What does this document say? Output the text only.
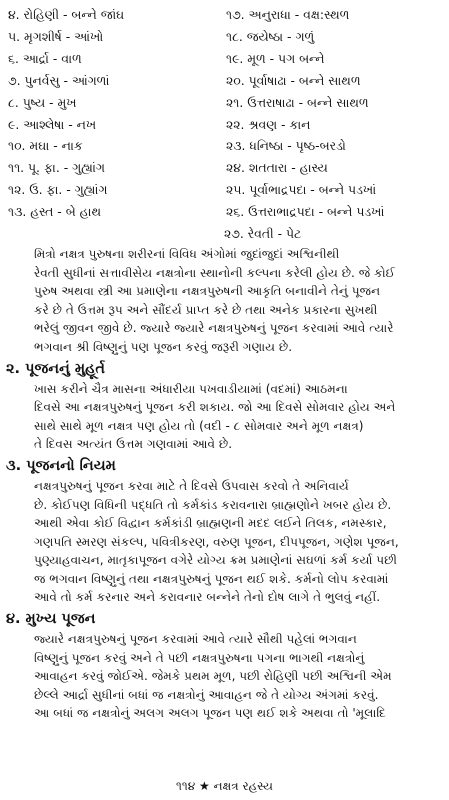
૪. રોહિણી - બન્ને જાંઘ
૫. મૃગશીર્ષ - આંખો
૬. આર્દ્રા - વાળ
૭. પુનર્વસુ - આંગળાં
૮. પુષ્ય - મુખ
૯. આશ્લેષા - નખ
૧૦. મઘા - નાક
૧૧. પૂ. ફા. - ગુહ્યાંગ
૧૨. ઉ. ફા. - ગુહ્યાંગ
૧૩. હસ્ત - બે હાથ
૧૭. અનુરાધા - વક્ષ:સ્થળ
૧૮. જયેષ્ઠા - ગળું
૧૯. મૂળ - પગ બન્ને
૨૦. પૂર્વાષાઢા - બન્ને સાથળ
૨૧. ઉત્તરાષાઢા - બન્ને સાથળ
૨૨. શ્રવણ - કાન
૨૩. ધનિષ્ઠા - પૃષ્ઠ-બરડો
૨૪. શતતારા - હાસ્ય
૨૫. પૂર્વાભાદ્રપદા - બન્ને પડખાં
૨૬. ઉત્તરાભાદ્રપદા - બન્ને પડખાં
૨૭. રેવતી - પેટ
મિત્રો નક્ષત્ર પુરુષના શરીરનાં વિવિધ અંગોમાં જુદાંજુદાં અશ્વિનીથી
રેવતી સુધીનાં સત્તાવીસેય નક્ષત્રોના સ્થાનોની કલ્પના કરેલી હોય છે. જે કોઈ
પુરુષ અથવા સ્ત્રી આ પ્રમાણેના નક્ષત્રપુરુષની આકૃતિ બનાવીને તેનું પૂજન
કરે છે તે ઉત્તમ રૂપ અને સૌંદર્ય પ્રાપ્ત કરે છે તથા અનેક પ્રકારના સુખથી
ભરેલું જીવન જીવે છે. જ્યારે જ્યારે નક્ષત્રપુરુષનું પૂજન કરવામાં આવે ત્યારે
ભગવાન શ્રી વિષ્ણુનું પણ પૂજન કરવું જરૂરી ગણાય છે.
૨. પૂજનનું મુહૂર્ત
ખાસ કરીને ચૈત્ર માસના અંધારીયા પખવાડીયામાં (વદમાં) આઠમના
દિવસે આ નક્ષત્રપુરુષનું પૂજન કરી શકાય. જો આ દિવસે સોમવાર હોય અને
સાથે સાથે મૂળ નક્ષત્ર પણ હોય તો (વદી - ૮ સોમવાર અને મૂળ નક્ષત્ર)
તે દિવસ અત્યંત ઉત્તમ ગણવામાં આવે છે.
૩. પૂજનનો નિયમ
નક્ષત્રપુરુષનું પૂજન કરવા માટે તે દિવસે ઉપવાસ કરવો તે અનિવાર્ય
છે. કોઈપણ વિધિની પદ્ધતિ તો કર્મકાંડ કરાવનારા બ્રાહ્મણોને ખબર હોય છે.
આથી એવા કોઈ વિદ્વાન કર્મકાંડી બ્રાહ્મણની મદદ લઈને તિલક, નમસ્કાર,
ગણપતિ સ્મરણ સંકલ્પ, પવિત્રીકરણ, વરુણ પૂજન, દીપપૂજન, ગણેશ પૂજન,
પુણ્યાહવાચન, માતૃકાપૂજન વગેરે યોગ્ય ક્રમ પ્રમાણેનાં સઘળાં કર્મ કર્યા પછી
જ ભગવાન વિષ્ણુનું તથા નક્ષત્રપુરુષનું પૂજન થઈ શકે. કર્મનો લોપ કરવામાં
આવે તો કર્મ કરનાર અને કરાવનાર બન્નેને તેનો દોષ લાગે તે ભુલવું નહીં.
૪. મુખ્ય પૂજન
જ્યારે નક્ષત્રપુરુષનું પૂજન કરવામાં આવે ત્યારે સૌથી પહેલાં ભગવાન
વિષ્ણુનું પૂજન કરવું અને તે પછી નક્ષત્રપુરુષના પગના ભાગથી નક્ષત્રોનું
આવાહન કરવું જોઈએ. જેમકે પ્રથમ મૂળ, પછી રોહિણી પછી અશ્વિની એમ
છેલ્લે આર્દ્રા સુધીનાં બધાં જ નક્ષત્રોનું આવાહન જે તે યોગ્ય અંગમાં કરવું.
આ બધાં જ નક્ષત્રોનું અલગ અલગ પૂજન પણ થઈ શકે અથવા તો 'મૂલાદિ
૧૧૪ ★ નક્ષત્ર રહસ્ય
